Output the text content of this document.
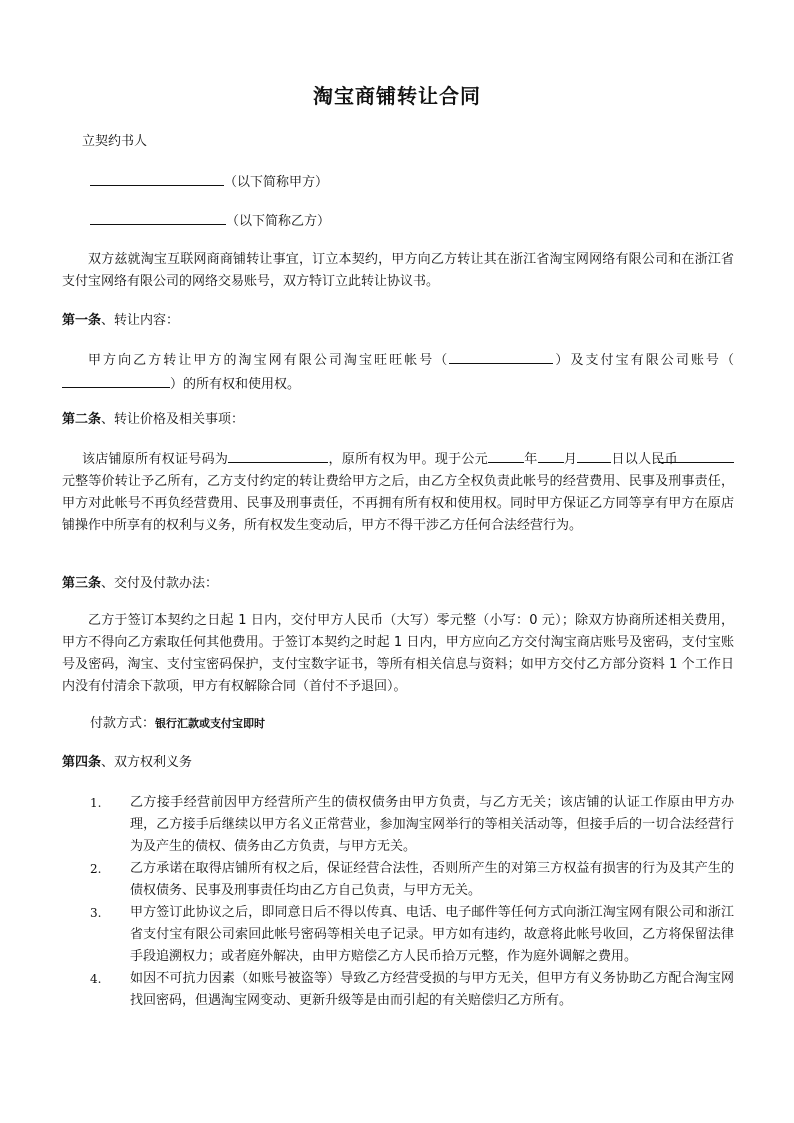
淘宝商铺转让合同
立契约书人
（以下简称甲方）
（以下简称乙方）
双方兹就淘宝互联网商商铺转让事宜，订立本契约，甲方向乙方转让其在浙江省淘宝网网络有限公司和在浙江省支付宝网络有限公司的网络交易账号，双方特订立此转让协议书。
第一条、转让内容：
甲方向乙方转让甲方的淘宝网有限公司淘宝旺旺帐号（	）及支付宝有限公司账号（）的所有权和使用权。
第二条、转让价格及相关事项：
该店铺原所有权证号码为	，原所有权为甲。现于公元	年 月	日以人民币元整等价转让予乙所有，乙方支付约定的转让费给甲方之后，由乙方全权负责此帐号的经营费用、民事及刑事责任，甲方对此帐号不再负经营费用、民事及刑事责任，不再拥有所有权和使用权。同时甲方保证乙方同等享有甲方在原店铺操作中所享有的权利与义务，所有权发生变动后，甲方不得干涉乙方任何合法经营行为。
第三条、交付及付款办法：
乙方于签订本契约之日起 1 日内，交付甲方人民币（大写）零元整（小写：0 元）；除双方协商所述相关费用，甲方不得向乙方索取任何其他费用。于签订本契约之时起 1 日内，甲方应向乙方交付淘宝商店账号及密码，支付宝账号及密码，淘宝、支付宝密码保护，支付宝数字证书，等所有相关信息与资料；如甲方交付乙方部分资料 1 个工作日内没有付清余下款项，甲方有权解除合同（首付不予退回）。
付款方式：银行汇款或支付宝即时
第四条、双方权利义务
1. 乙方接手经营前因甲方经营所产生的债权债务由甲方负责，与乙方无关；该店铺的认证工作原由甲方办理，乙方接手后继续以甲方名义正常营业，参加淘宝网举行的等相关活动等，但接手后的一切合法经营行为及产生的债权、债务由乙方负责，与甲方无关。
2. 乙方承诺在取得店铺所有权之后，保证经营合法性，否则所产生的对第三方权益有损害的行为及其产生的债权债务、民事及刑事责任均由乙方自己负责，与甲方无关。
3. 甲方签订此协议之后，即同意日后不得以传真、电话、电子邮件等任何方式向浙江淘宝网有限公司和浙江省支付宝有限公司索回此帐号密码等相关电子记录。甲方如有违约，故意将此帐号收回，乙方将保留法律手段追溯权力；或者庭外解决，由甲方赔偿乙方人民币拾万元整，作为庭外调解之费用。
4. 如因不可抗力因素（如账号被盗等）导致乙方经营受损的与甲方无关，但甲方有义务协助乙方配合淘宝网找回密码，但遇淘宝网变动、更新升级等是由而引起的有关赔偿归乙方所有。
